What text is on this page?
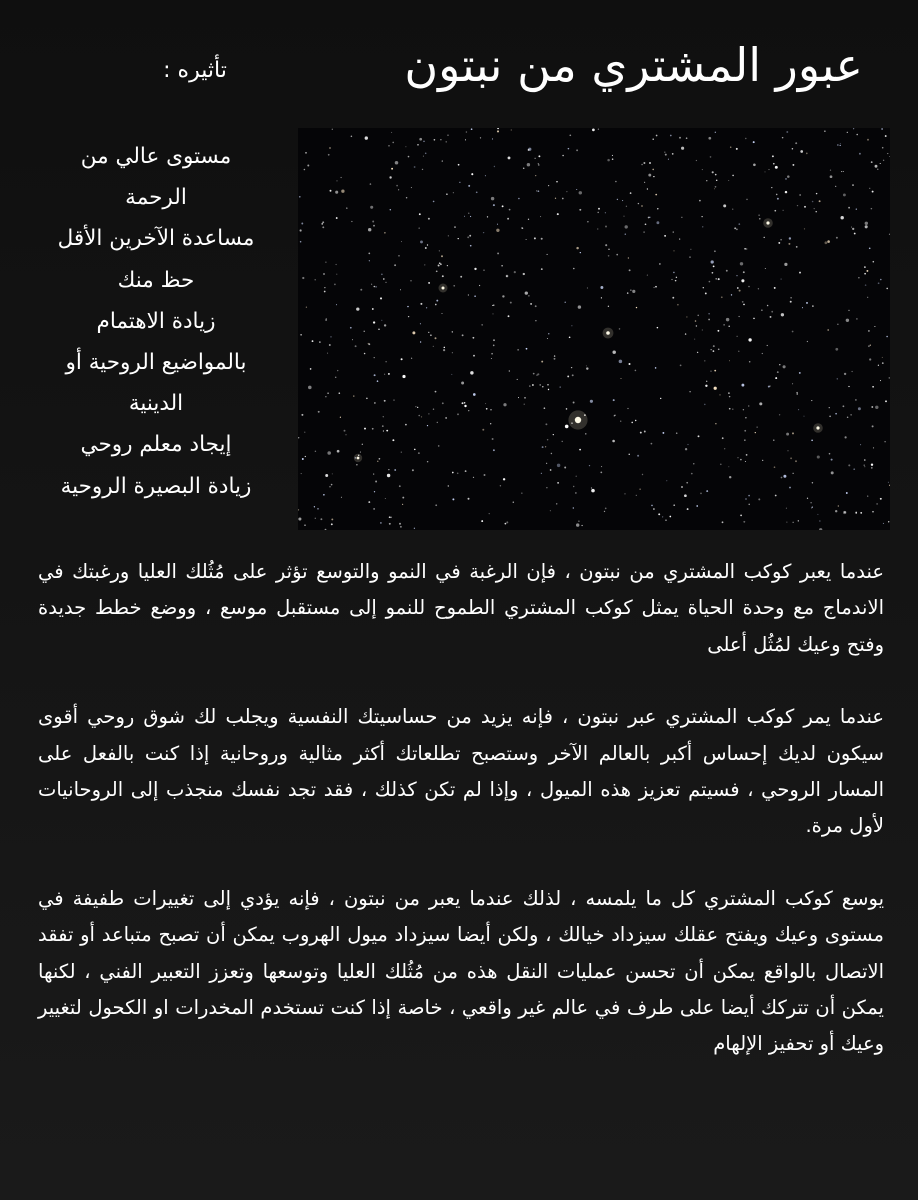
عبور المشتري من نبتون
تأثيره :
مستوى عالي من
الرحمة
مساعدة الآخرين الأقل
حظ منك
زيادة الاهتمام
بالمواضيع الروحية أو
الدينية
إيجاد معلم روحي
زيادة البصيرة الروحية

عندما يعبر كوكب المشتري من نبتون ، فإن الرغبة في النمو والتوسع تؤثر على مُثُلك العليا ورغبتك في الاندماج مع وحدة الحياة يمثل كوكب المشتري الطموح للنمو إلى مستقبل موسع ، ووضع خطط جديدة وفتح وعيك لمُثُل أعلى

عندما يمر كوكب المشتري عبر نبتون ، فإنه يزيد من حساسيتك النفسية ويجلب لك شوق روحي أقوى سيكون لديك إحساس أكبر بالعالم الآخر وستصبح تطلعاتك أكثر مثالية وروحانية إذا كنت بالفعل على المسار الروحي ، فسيتم تعزيز هذه الميول ، وإذا لم تكن كذلك ، فقد تجد نفسك منجذب إلى الروحانيات لأول مرة.

يوسع كوكب المشتري كل ما يلمسه ، لذلك عندما يعبر من نبتون ، فإنه يؤدي إلى تغييرات طفيفة في مستوى وعيك ويفتح عقلك سيزداد خيالك ، ولكن أيضا سيزداد ميول الهروب يمكن أن تصبح متباعد أو تفقد الاتصال بالواقع يمكن أن تحسن عمليات النقل هذه من مُثُلك العليا وتوسعها وتعزز التعبير الفني ، لكنها يمكن أن تتركك أيضا على طرف في عالم غير واقعي ، خاصة إذا كنت تستخدم المخدرات او الكحول لتغيير وعيك أو تحفيز الإلهام
